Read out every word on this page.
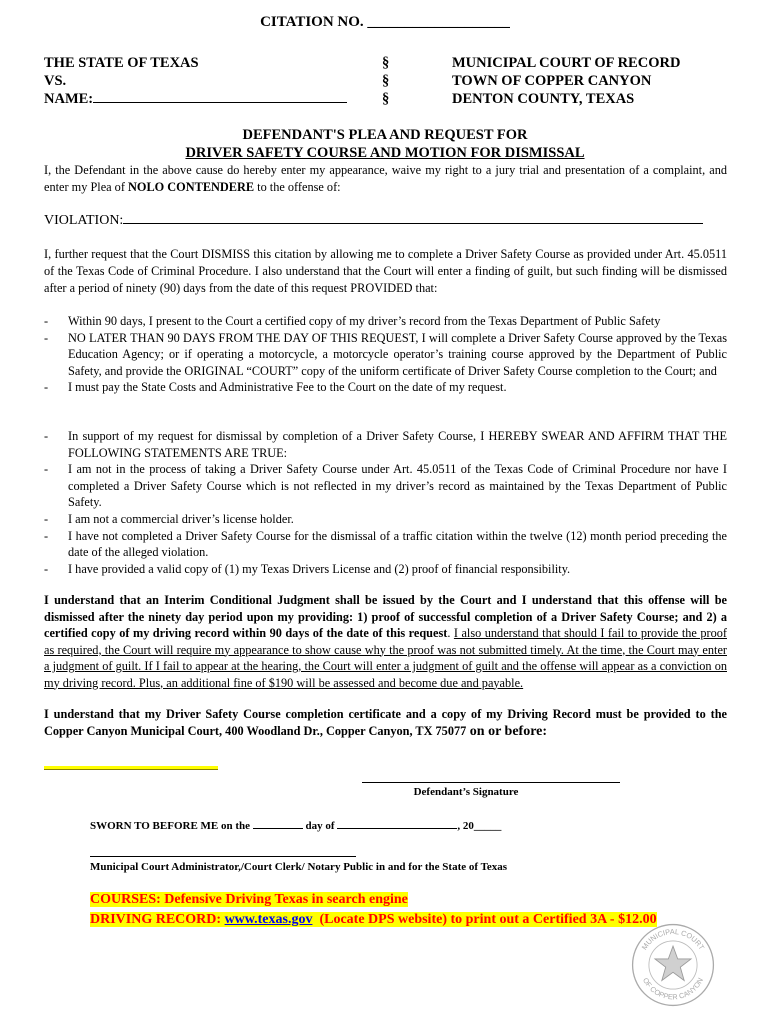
CITATION NO. ___________________
THE STATE OF TEXAS
VS.
NAME:
§
§
§
MUNICIPAL COURT OF RECORD
TOWN OF COPPER CANYON
DENTON COUNTY, TEXAS
DEFENDANT'S PLEA AND REQUEST FOR
DRIVER SAFETY COURSE AND MOTION FOR DISMISSAL
I, the Defendant in the above cause do hereby enter my appearance, waive my right to a jury trial and presentation of a complaint, and enter my Plea of NOLO CONTENDERE to the offense of:
VIOLATION:
I, further request that the Court DISMISS this citation by allowing me to complete a Driver Safety Course as provided under Art. 45.0511 of the Texas Code of Criminal Procedure. I also understand that the Court will enter a finding of guilt, but such finding will be dismissed after a period of ninety (90) days from the date of this request PROVIDED that:
- Within 90 days, I present to the Court a certified copy of my driver’s record from the Texas Department of Public Safety
- NO LATER THAN 90 DAYS FROM THE DAY OF THIS REQUEST, I will complete a Driver Safety Course approved by the Texas Education Agency; or if operating a motorcycle, a motorcycle operator’s training course approved by the Department of Public Safety, and provide the ORIGINAL “COURT” copy of the uniform certificate of Driver Safety Course completion to the Court; and
- I must pay the State Costs and Administrative Fee to the Court on the date of my request.
- In support of my request for dismissal by completion of a Driver Safety Course, I HEREBY SWEAR AND AFFIRM THAT THE FOLLOWING STATEMENTS ARE TRUE:
- I am not in the process of taking a Driver Safety Course under Art. 45.0511 of the Texas Code of Criminal Procedure nor have I completed a Driver Safety Course which is not reflected in my driver’s record as maintained by the Texas Department of Public Safety.
- I am not a commercial driver’s license holder.
- I have not completed a Driver Safety Course for the dismissal of a traffic citation within the twelve (12) month period preceding the date of the alleged violation.
- I have provided a valid copy of (1) my Texas Drivers License and (2) proof of financial responsibility.
I understand that an Interim Conditional Judgment shall be issued by the Court and I understand that this offense will be dismissed after the ninety day period upon my providing: 1) proof of successful completion of a Driver Safety Course; and 2) a certified copy of my driving record within 90 days of the date of this request. I also understand that should I fail to provide the proof as required, the Court will require my appearance to show cause why the proof was not submitted timely. At the time, the Court may enter a judgment of guilt. If I fail to appear at the hearing, the Court will enter a judgment of guilt and the offense will appear as a conviction on my driving record. Plus, an additional fine of $190 will be assessed and become due and payable.
I understand that my Driver Safety Course completion certificate and a copy of my Driving Record must be provided to the Copper Canyon Municipal Court, 400 Woodland Dr., Copper Canyon, TX 75077 on or before:
Defendant’s Signature
SWORN TO BEFORE ME on the	day of	, 20_____
Municipal Court Administrator,/Court Clerk/ Notary Public in and for the State of Texas
COURSES: Defensive Driving Texas in search engine
DRIVING RECORD: www.texas.gov  (Locate DPS website) to print out a Certified 3A - $12.00
MUNICIPAL COURT
OF COPPER CANYON
